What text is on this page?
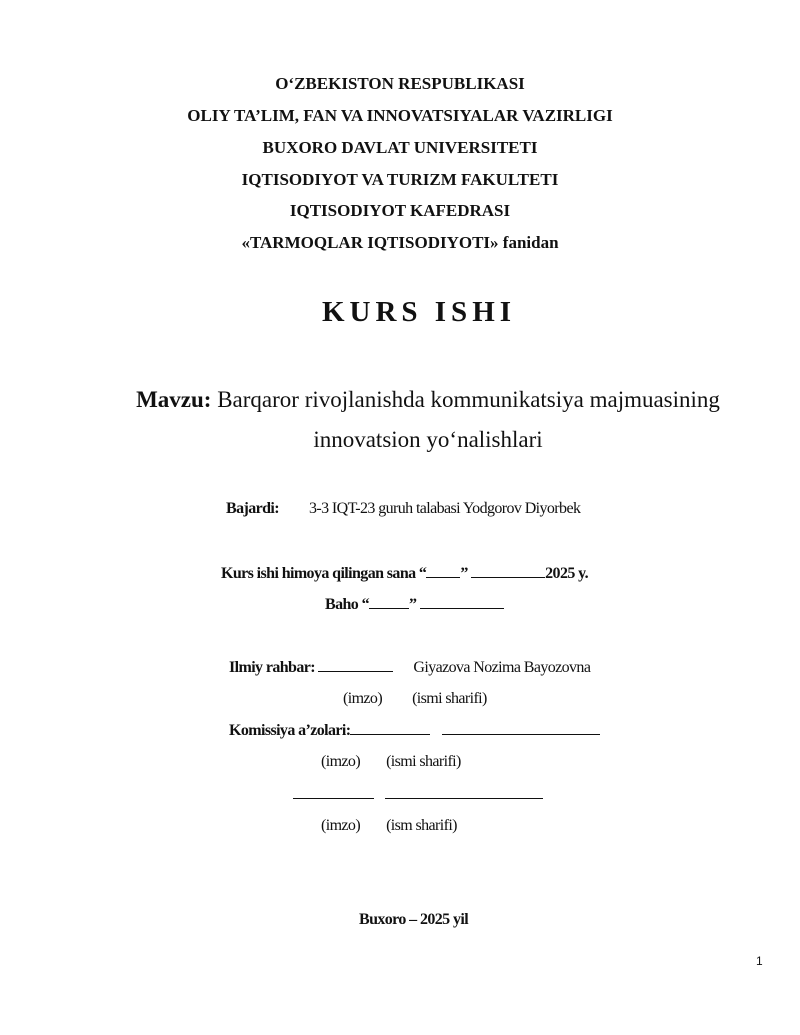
O‘ZBEKISTON RESPUBLIKASI
OLIY TA’LIM, FAN VA INNOVATSIYALAR VAZIRLIGI
BUXORO DAVLAT UNIVERSITETI
IQTISODIYOT VA TURIZM FAKULTETI
IQTISODIYOT KAFEDRASI
«TARMOQLAR IQTISODIYOTI» fanidan
KURS ISHI
Mavzu: Barqaror rivojlanishda kommunikatsiya majmuasining
innovatsion yo‘nalishlari
Bajardi: 3-3 IQT-23 guruh talabasi Yodgorov Diyorbek
Kurs ishi himoya qilingan sana “ ”	2025 y.
Baho “	”
Ilmiy rahbar:	Giyazova Nozima Bayozovna
(imzo) (ismi sharifi)
Komissiya a’zolari:
(imzo) (ismi sharifi)

(imzo) (ism sharifi)
Buxoro – 2025 yil
1
